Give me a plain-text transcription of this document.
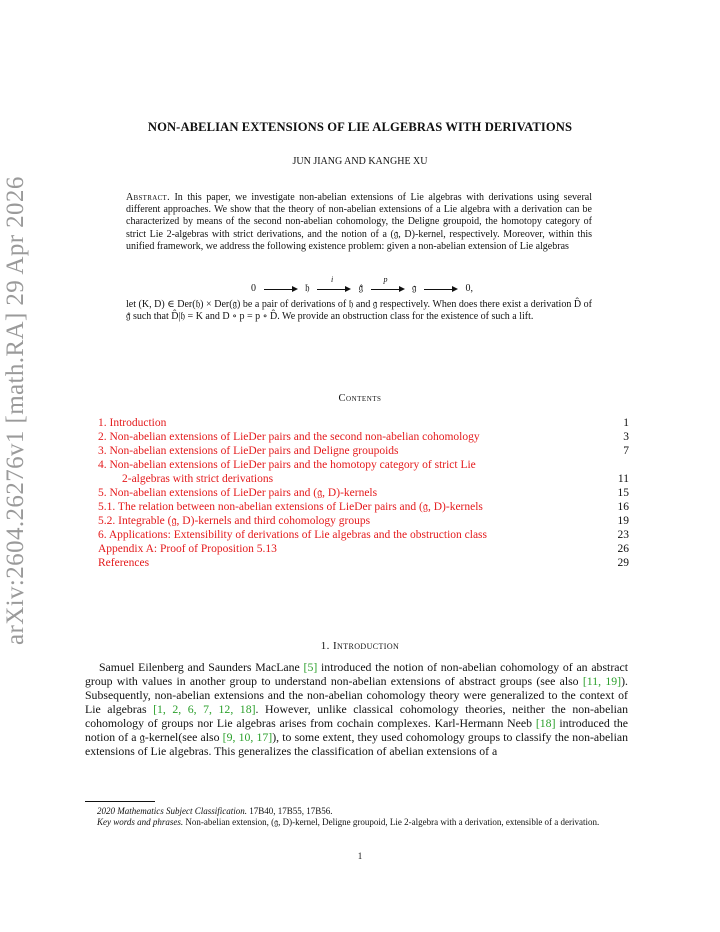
arXiv:2604.26276v1 [math.RA] 29 Apr 2026
NON-ABELIAN EXTENSIONS OF LIE ALGEBRAS WITH DERIVATIONS
JUN JIANG AND KANGHE XU
Abstract. In this paper, we investigate non-abelian extensions of Lie algebras with derivations using several different approaches. We show that the theory of non-abelian extensions of a Lie algebra with a derivation can be characterized by means of the second non-abelian cohomology, the Deligne groupoid, the homotopy category of strict Lie 2-algebras with strict derivations, and the notion of a (𝔤, D)-kernel, respectively. Moreover, within this unified framework, we address the following existence problem: given a non-abelian extension of Lie algebras
0	𝔥
i
𝔤̂
p
𝔤	0,
let (K, D) ∈ Der(𝔥) × Der(𝔤) be a pair of derivations of 𝔥 and 𝔤 respectively. When does there exist a derivation D̂ of 𝔤̂ such that D̂|𝔥 = K and D ∘ p = p ∘ D̂. We provide an obstruction class for the existence of such a lift.
Contents
1. Introduction	1
2. Non-abelian extensions of LieDer pairs and the second non-abelian cohomology	3
3. Non-abelian extensions of LieDer pairs and Deligne groupoids	7
4. Non-abelian extensions of LieDer pairs and the homotopy category of strict Lie
2-algebras with strict derivations	11
5. Non-abelian extensions of LieDer pairs and (𝔤, D)-kernels	15
5.1. The relation between non-abelian extensions of LieDer pairs and (𝔤, D)-kernels	16
5.2. Integrable (𝔤, D)-kernels and third cohomology groups	19
6. Applications: Extensibility of derivations of Lie algebras and the obstruction class	23
Appendix A: Proof of Proposition 5.13	26
References	29
1. Introduction
Samuel Eilenberg and Saunders MacLane [5] introduced the notion of non-abelian cohomology of an abstract group with values in another group to understand non-abelian extensions of abstract groups (see also [11, 19]). Subsequently, non-abelian extensions and the non-abelian cohomology theory were generalized to the context of Lie algebras [1, 2, 6, 7, 12, 18]. However, unlike classical cohomology theories, neither the non-abelian cohomology of groups nor Lie algebras arises from cochain complexes. Karl-Hermann Neeb [18] introduced the notion of a 𝔤-kernel(see also [9, 10, 17]), to some extent, they used cohomology groups to classify the non-abelian extensions of Lie algebras. This generalizes the classification of abelian extensions of a

2020 Mathematics Subject Classification. 17B40, 17B55, 17B56.

Key words and phrases. Non-abelian extension, (𝔤, D)-kernel, Deligne groupoid, Lie 2-algebra with a derivation, extensible of a derivation.

1
